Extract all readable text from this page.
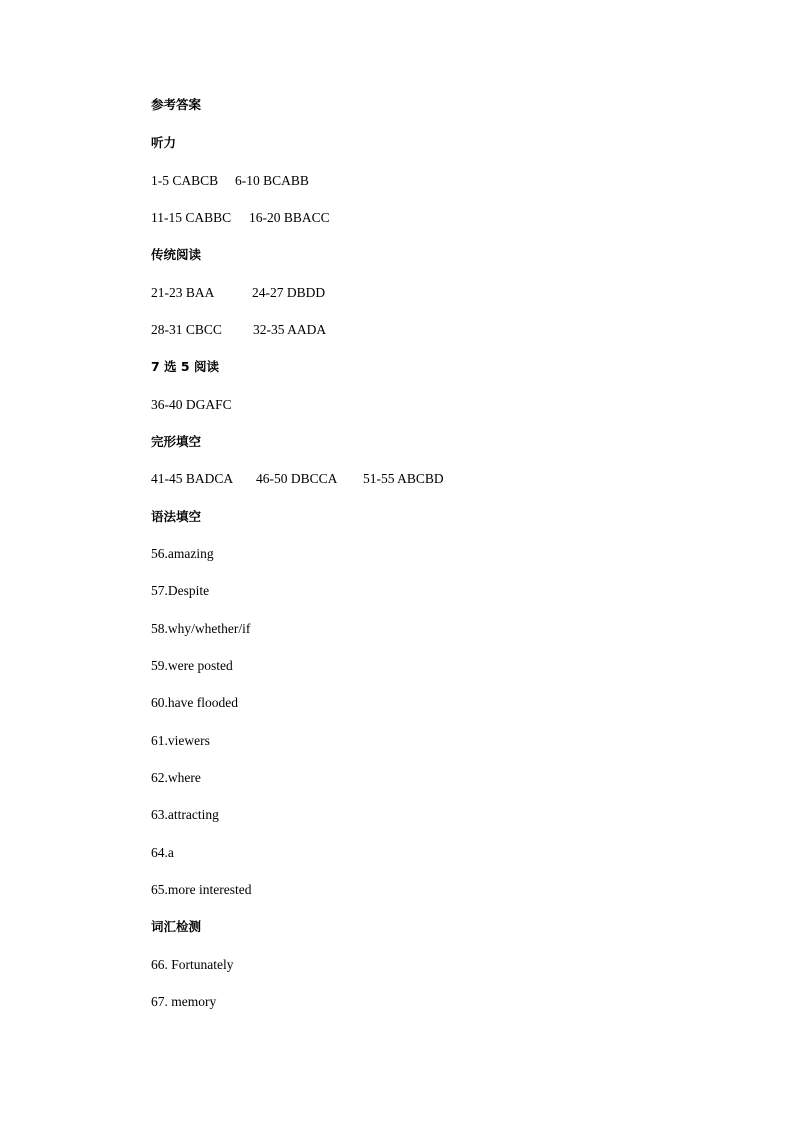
参考答案
听力

1-5 CABCB

6-10 BCABB

11-15 CABBC

16-20 BBACC

传统阅读

21-23 BAA

	24-27 DBDD

28-31 CBCC

32-35 AADA

7 选 5 阅读
36-40 DGAFC
完形填空

41-45 BADCA

46-50 DBCCA

51-55 ABCBD

语法填空
56.amazing
57.Despite
58.why/whether/if
59.were posted
60.have flooded
61.viewers
62.where
63.attracting
64.a
65.more interested
词汇检测
66. Fortunately
67. memory
